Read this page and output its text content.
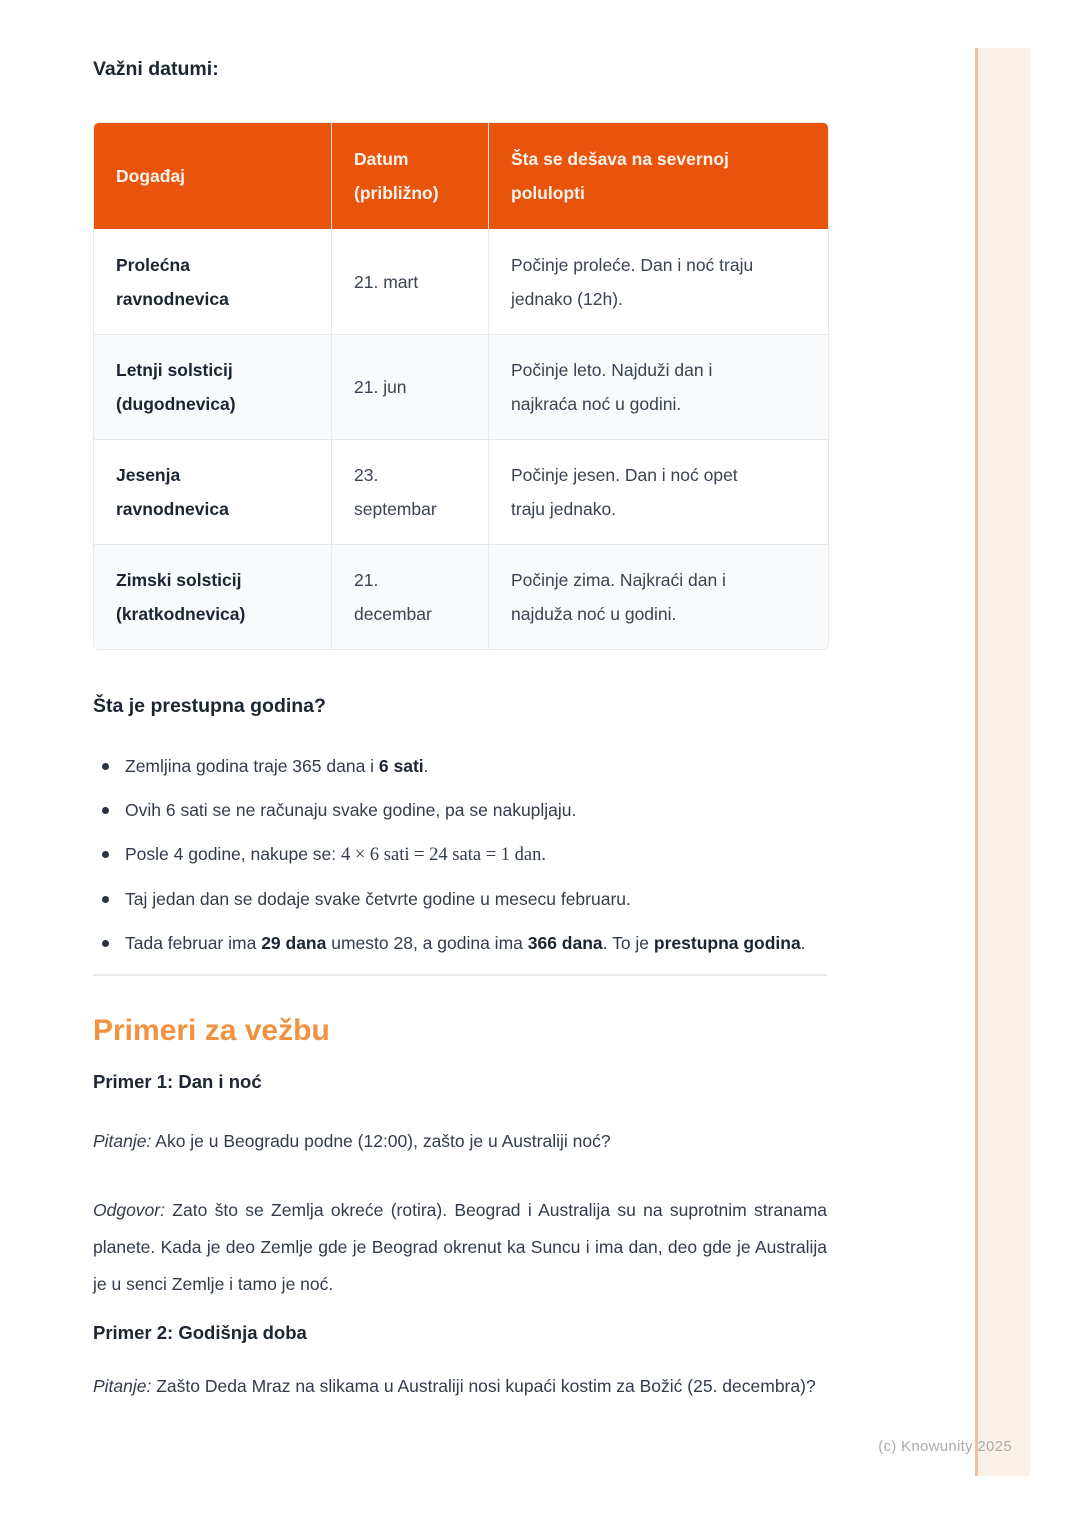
(c) Knowunity 2025
Važni datumi:
Događaj	Datum (približno)	Šta se dešava na severnoj polulopti
Prolećna ravnodnevica	21. mart	Počinje proleće. Dan i noć traju jednako (12h).
Letnji solsticij (dugodnevica)	21. jun	Počinje leto. Najduži dan i najkraća noć u godini.
Jesenja ravnodnevica	23. septembar	Počinje jesen. Dan i noć opet traju jednako.
Zimski solsticij (kratkodnevica)	21. decembar	Počinje zima. Najkraći dan i najduža noć u godini.
Šta je prestupna godina?
Zemljina godina traje 365 dana i 6 sati.
Ovih 6 sati se ne računaju svake godine, pa se nakupljaju.
Posle 4 godine, nakupe se: 4 × 6 sati = 24 sata = 1 dan.
Taj jedan dan se dodaje svake četvrte godine u mesecu februaru.
Tada februar ima 29 dana umesto 28, a godina ima 366 dana. To je prestupna godina.
Primeri za vežbu
Primer 1: Dan i noć

Pitanje: Ako je u Beogradu podne (12:00), zašto je u Australiji noć?

Odgovor: Zato što se Zemlja okreće (rotira). Beograd i Australija su na suprotnim stranama planete. Kada je deo Zemlje gde je Beograd okrenut ka Suncu i ima dan, deo gde je Australija je u senci Zemlje i tamo je noć.

Primer 2: Godišnja doba

Pitanje: Zašto Deda Mraz na slikama u Australiji nosi kupaći kostim za Božić (25. decembra)?
